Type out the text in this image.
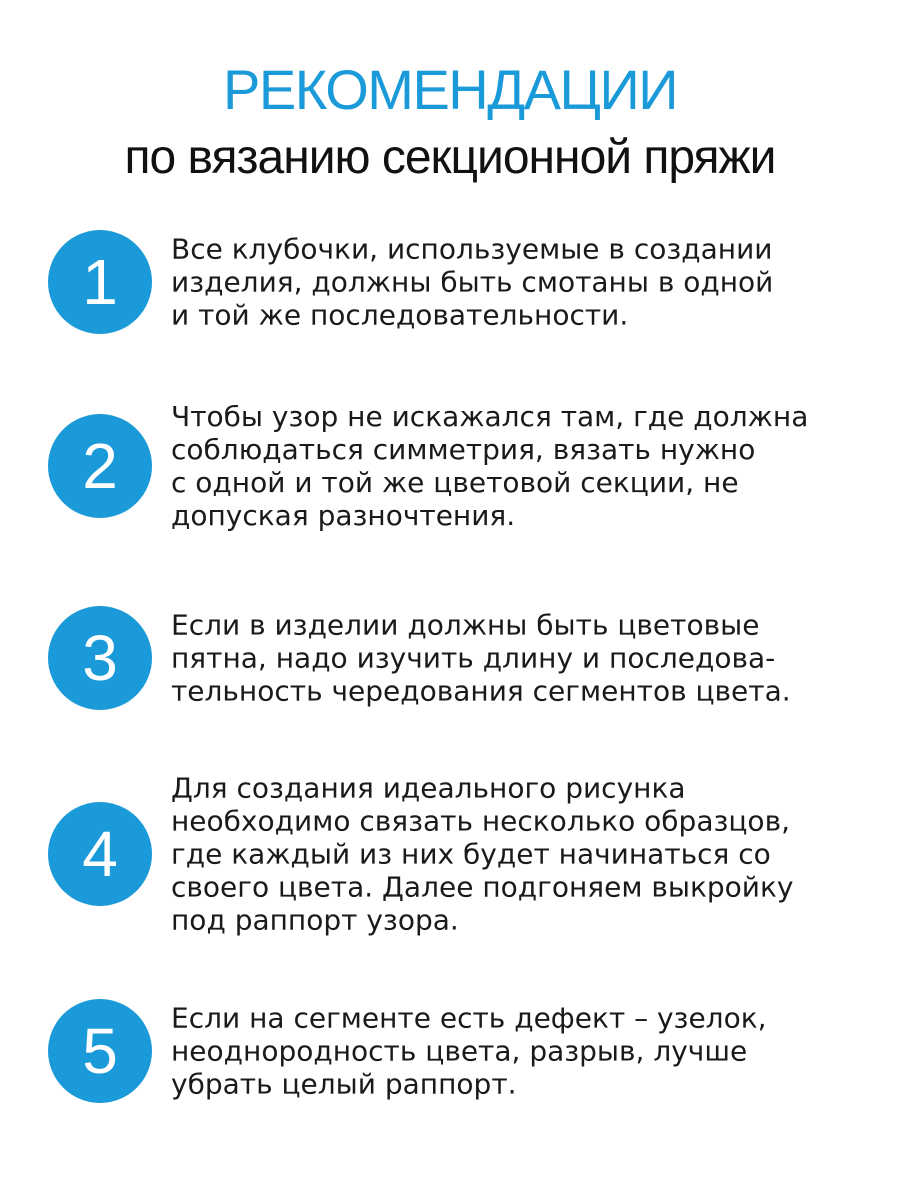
РЕКОМЕНДАЦИИ
по вязанию секционной пряжи
1	Все клубочки, используемые в создании
изделия, должны быть смотаны в одной
и той же последовательности.

2

Чтобы узор не искажался там, где должна
соблюдаться симметрия, вязать нужно
с одной и той же цветовой секции, не
допуская разночтения.

3	Если в изделии должны быть цветовые
пятна, надо изучить длину и последова-
тельность чередования сегментов цвета.

4

Для создания идеального рисунка
необходимо связать несколько образцов,
где каждый из них будет начинаться со
своего цвета. Далее подгоняем выкройку
под раппорт узора.

5	Если на сегменте есть дефект – узелок,
неоднородность цвета, разрыв, лучше
убрать целый раппорт.
